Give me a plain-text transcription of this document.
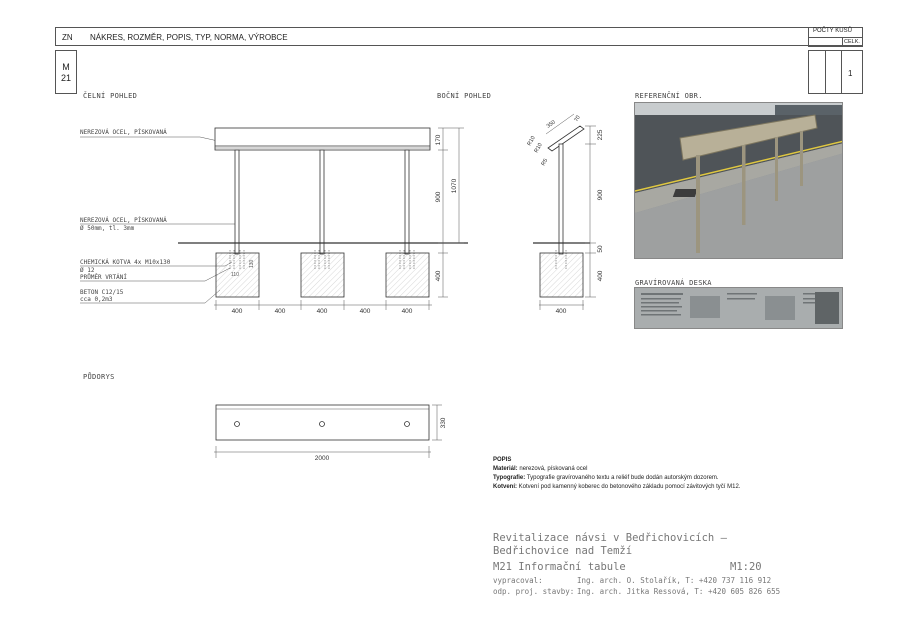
ZN NÁKRES, ROZMĚR, POPIS, TYP, NORMA, VÝROBCE
POČTY KUSŮ
CELK.
M
21	1
ČELNÍ POHLED	BOČNÍ POHLED	REFERENČNÍ OBR.
PŮDORYS
GRAVÍROVANÁ DESKA
NEREZOVÁ OCEL, PÍSKOVANÁ
NEREZOVÁ OCEL, PÍSKOVANÁ
Ø 50mm, tl. 3mm
CHEMICKÁ KOTVA 4x M10x130
Ø 12
PRŮMĚR VRTÁNÍ
BETON C12/15
cca 0,2m3
400	400	400	400	400
170
900
1070
400
130
110
350
R10
R10
R5
70
225
900
50
400
400
2000
330
POPIS
Materiál: nerezová, pískovaná ocel
Typografie: Typografie gravírovaného textu a reliéf bude dodán autorským dozorem.
Kotvení: Kotvení pod kamenný koberec do betonového základu pomocí závitových tyčí M12.
Revitalizace návsi v Bedřichovicích –
Bedřichovice nad Temží
M21 Informační tabule	M1:20
vypracoval:	Ing. arch. O. Stolařík, T: +420 737 116 912
odp. proj. stavby: Ing. arch. Jitka Ressová, T: +420 605 826 655
